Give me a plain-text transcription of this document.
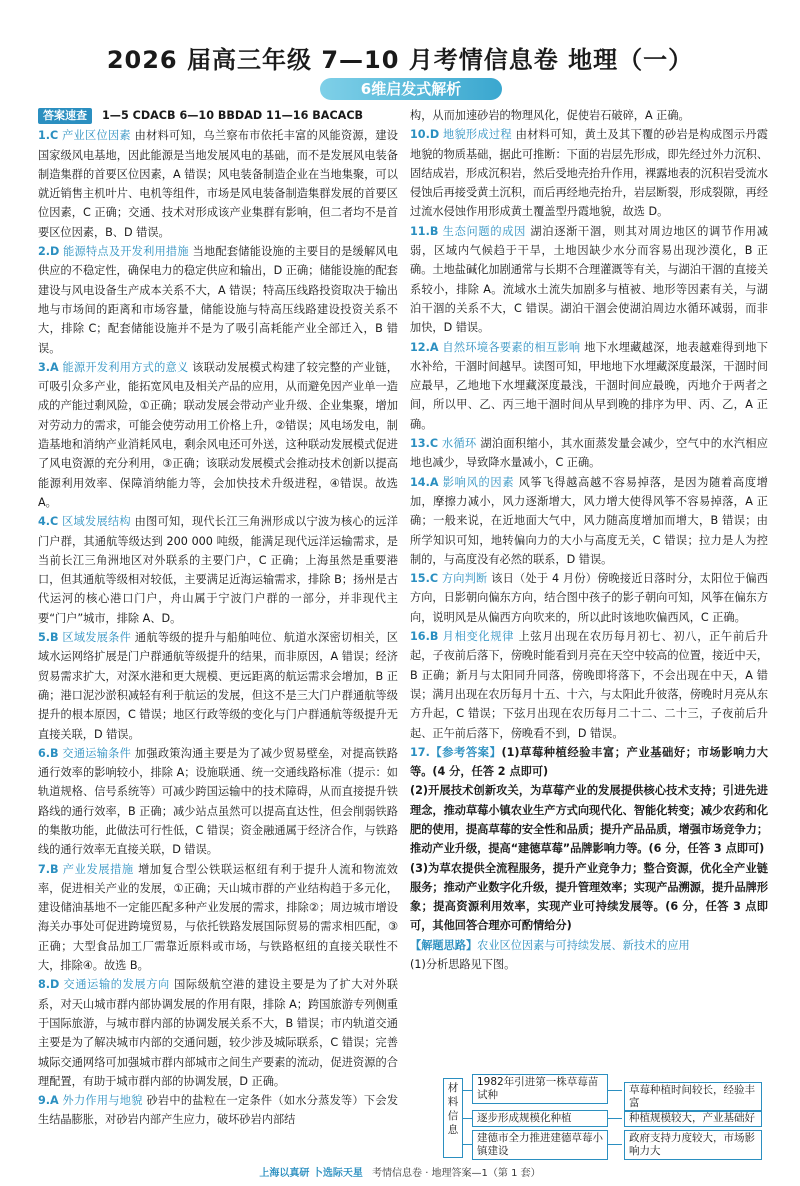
2026 届高三年级 7—10 月考情信息卷 地理（一）
6维启发式解析
答案速查	1—5 CDACB 6—10 BBDAD 11—16 BACACB

1.C 产业区位因素 由材料可知，乌兰察布市依托丰富的风能资源，建设国家级风电基地，因此能源是当地发展风电的基础，而不是发展风电装备制造集群的首要区位因素，A 错误；风电装备制造企业在当地集聚，可以就近销售主机叶片、电机等组件，市场是风电装备制造集群发展的首要区位因素，C 正确；交通、技术对形成该产业集群有影响，但二者均不是首要区位因素，B、D 错误。

2.D 能源特点及开发利用措施 当地配套储能设施的主要目的是缓解风电供应的不稳定性，确保电力的稳定供应和输出，D 正确；储能设施的配套建设与风电设备生产成本关系不大，A 错误；特高压线路投资取决于输出地与市场间的距离和市场容量，储能设施与特高压线路建设投资关系不大，排除 C；配套储能设施并不是为了吸引高耗能产业全部迁入，B 错误。

3.A 能源开发利用方式的意义 该联动发展模式构建了较完整的产业链，可吸引众多产业，能拓宽风电及相关产品的应用，从而避免因产业单一造成的产能过剩风险，①正确；联动发展会带动产业升级、企业集聚，增加对劳动力的需求，可能会使劳动用工价格上升，②错误；风电场发电，制造基地和消纳产业消耗风电，剩余风电还可外送，这种联动发展模式促进了风电资源的充分利用，③正确；该联动发展模式会推动技术创新以提高能源利用效率、保障消纳能力等，会加快技术升级进程，④错误。故选 A。

4.C 区域发展结构 由图可知，现代长江三角洲形成以宁波为核心的远洋门户群，其通航等级达到 200 000 吨级，能满足现代远洋运输需求，是当前长江三角洲地区对外联系的主要门户，C 正确；上海虽然是重要港口，但其通航等级相对较低，主要满足近海运输需求，排除 B；扬州是古代运河的核心港口门户，舟山属于宁波门户群的一部分，并非现代主要“门户”城市，排除 A、D。

5.B 区域发展条件 通航等级的提升与船舶吨位、航道水深密切相关，区域水运网络扩展是门户群通航等级提升的结果，而非原因，A 错误；经济贸易需求扩大，对深水港和更大规模、更远距离的航运需求会增加，B 正确；港口泥沙淤积减轻有利于航运的发展，但这不是三大门户群通航等级提升的根本原因，C 错误；地区行政等级的变化与门户群通航等级提升无直接关联，D 错误。

6.B 交通运输条件 加强政策沟通主要是为了减少贸易壁垒，对提高铁路通行效率的影响较小，排除 A；设施联通、统一交通线路标准（提示：如轨道规格、信号系统等）可减少跨国运输中的技术障碍，从而直接提升铁路线的通行效率，B 正确；减少站点虽然可以提高直达性，但会削弱铁路的集散功能，此做法可行性低，C 错误；资金融通属于经济合作，与铁路线的通行效率无直接关联，D 错误。

7.B 产业发展措施 增加复合型公铁联运枢纽有利于提升人流和物流效率，促进相关产业的发展，①正确；天山城市群的产业结构趋于多元化，建设储油基地不一定能匹配多种产业发展的需求，排除②；周边城市增设海关办事处可促进跨境贸易，与依托铁路发展国际贸易的需求相匹配，③正确；大型食品加工厂需靠近原料或市场，与铁路枢纽的直接关联性不大，排除④。故选 B。

8.D 交通运输的发展方向 国际级航空港的建设主要是为了扩大对外联系，对天山城市群内部协调发展的作用有限，排除 A；跨国旅游专列侧重于国际旅游，与城市群内部的协调发展关系不大，B 错误；市内轨道交通主要是为了解决城市内部的交通问题，较少涉及城际联系，C 错误；完善城际交通网络可加强城市群内部城市之间生产要素的流动，促进资源的合理配置，有助于城市群内部的协调发展，D 正确。

9.A 外力作用与地貌 砂岩中的盐粒在一定条件（如水分蒸发等）下会发生结晶膨胀，对砂岩内部产生应力，破坏砂岩内部结

构，从而加速砂岩的物理风化，促使岩石破碎，A 正确。

10.D 地貌形成过程 由材料可知，黄土及其下覆的砂岩是构成图示丹霞地貌的物质基础，据此可推断：下面的岩层先形成，即先经过外力沉积、固结成岩，形成沉积岩，然后受地壳抬升作用，裸露地表的沉积岩受流水侵蚀后再接受黄土沉积，而后再经地壳抬升，岩层断裂，形成裂隙，再经过流水侵蚀作用形成黄土覆盖型丹霞地貌，故选 D。

11.B 生态问题的成因 湖泊逐渐干涸，则其对周边地区的调节作用减弱，区域内气候趋于干旱，土地因缺少水分而容易出现沙漠化，B 正确。土地盐碱化加剧通常与长期不合理灌溉等有关，与湖泊干涸的直接关系较小，排除 A。流域水土流失加剧多与植被、地形等因素有关，与湖泊干涸的关系不大，C 错误。湖泊干涸会使湖泊周边水循环减弱，而非加快，D 错误。

12.A 自然环境各要素的相互影响 地下水埋藏越深，地表越难得到地下水补给，干涸时间越早。读图可知，甲地地下水埋藏深度最深，干涸时间应最早，乙地地下水埋藏深度最浅，干涸时间应最晚，丙地介于两者之间，所以甲、乙、丙三地干涸时间从早到晚的排序为甲、丙、乙，A 正确。

13.C 水循环 湖泊面积缩小，其水面蒸发量会减少，空气中的水汽相应地也减少，导致降水量减小，C 正确。

14.A 影响风的因素 风筝飞得越高越不容易掉落，是因为随着高度增加，摩擦力减小，风力逐渐增大，风力增大使得风筝不容易掉落，A 正确；一般来说，在近地面大气中，风力随高度增加而增大，B 错误；由所学知识可知，地转偏向力的大小与高度无关，C 错误；拉力是人为控制的，与高度没有必然的联系，D 错误。

15.C 方向判断 该日（处于 4 月份）傍晚接近日落时分，太阳位于偏西方向，日影朝向偏东方向，结合图中孩子的影子朝向可知，风筝在偏东方向，说明风是从偏西方向吹来的，所以此时该地吹偏西风，C 正确。

16.B 月相变化规律 上弦月出现在农历每月初七、初八，正午前后升起，子夜前后落下，傍晚时能看到月亮在天空中较高的位置，接近中天，B 正确；新月与太阳同升同落，傍晚即将落下，不会出现在中天，A 错误；满月出现在农历每月十五、十六，与太阳此升彼落，傍晚时月亮从东方升起，C 错误；下弦月出现在农历每月二十二、二十三，子夜前后升起、正午前后落下，傍晚看不到，D 错误。

17.【参考答案】(1)草莓种植经验丰富；产业基础好；市场影响力大等。(4 分，任答 2 点即可)

(2)开展技术创新攻关，为草莓产业的发展提供核心技术支持；引进先进理念，推动草莓小镇农业生产方式向现代化、智能化转变；减少农药和化肥的使用，提高草莓的安全性和品质；提升产品品质，增强市场竞争力；推动产业升级，提高“建德草莓”品牌影响力等。(6 分，任答 3 点即可)

(3)为草农提供全流程服务，提升产业竞争力；整合资源，优化全产业链服务；推动产业数字化升级，提升管理效率；实现产品溯源，提升品牌形象；提高资源利用效率，实现产业可持续发展等。(6 分，任答 3 点即可，其他回答合理亦可酌情给分)

【解题思路】农业区位因素与可持续发展、新技术的应用

(1)分析思路见下图。

材料信息
1982年引进第一株草莓苗试种
逐步形成规模化种植
建德市全力推进建德草莓小镇建设
草莓种植时间较长，经验丰富
种植规模较大，产业基础好
政府支持力度较大，市场影响力大
上海以真研 卜选际天星 考情信息卷 · 地理答案—1（第 1 套）
